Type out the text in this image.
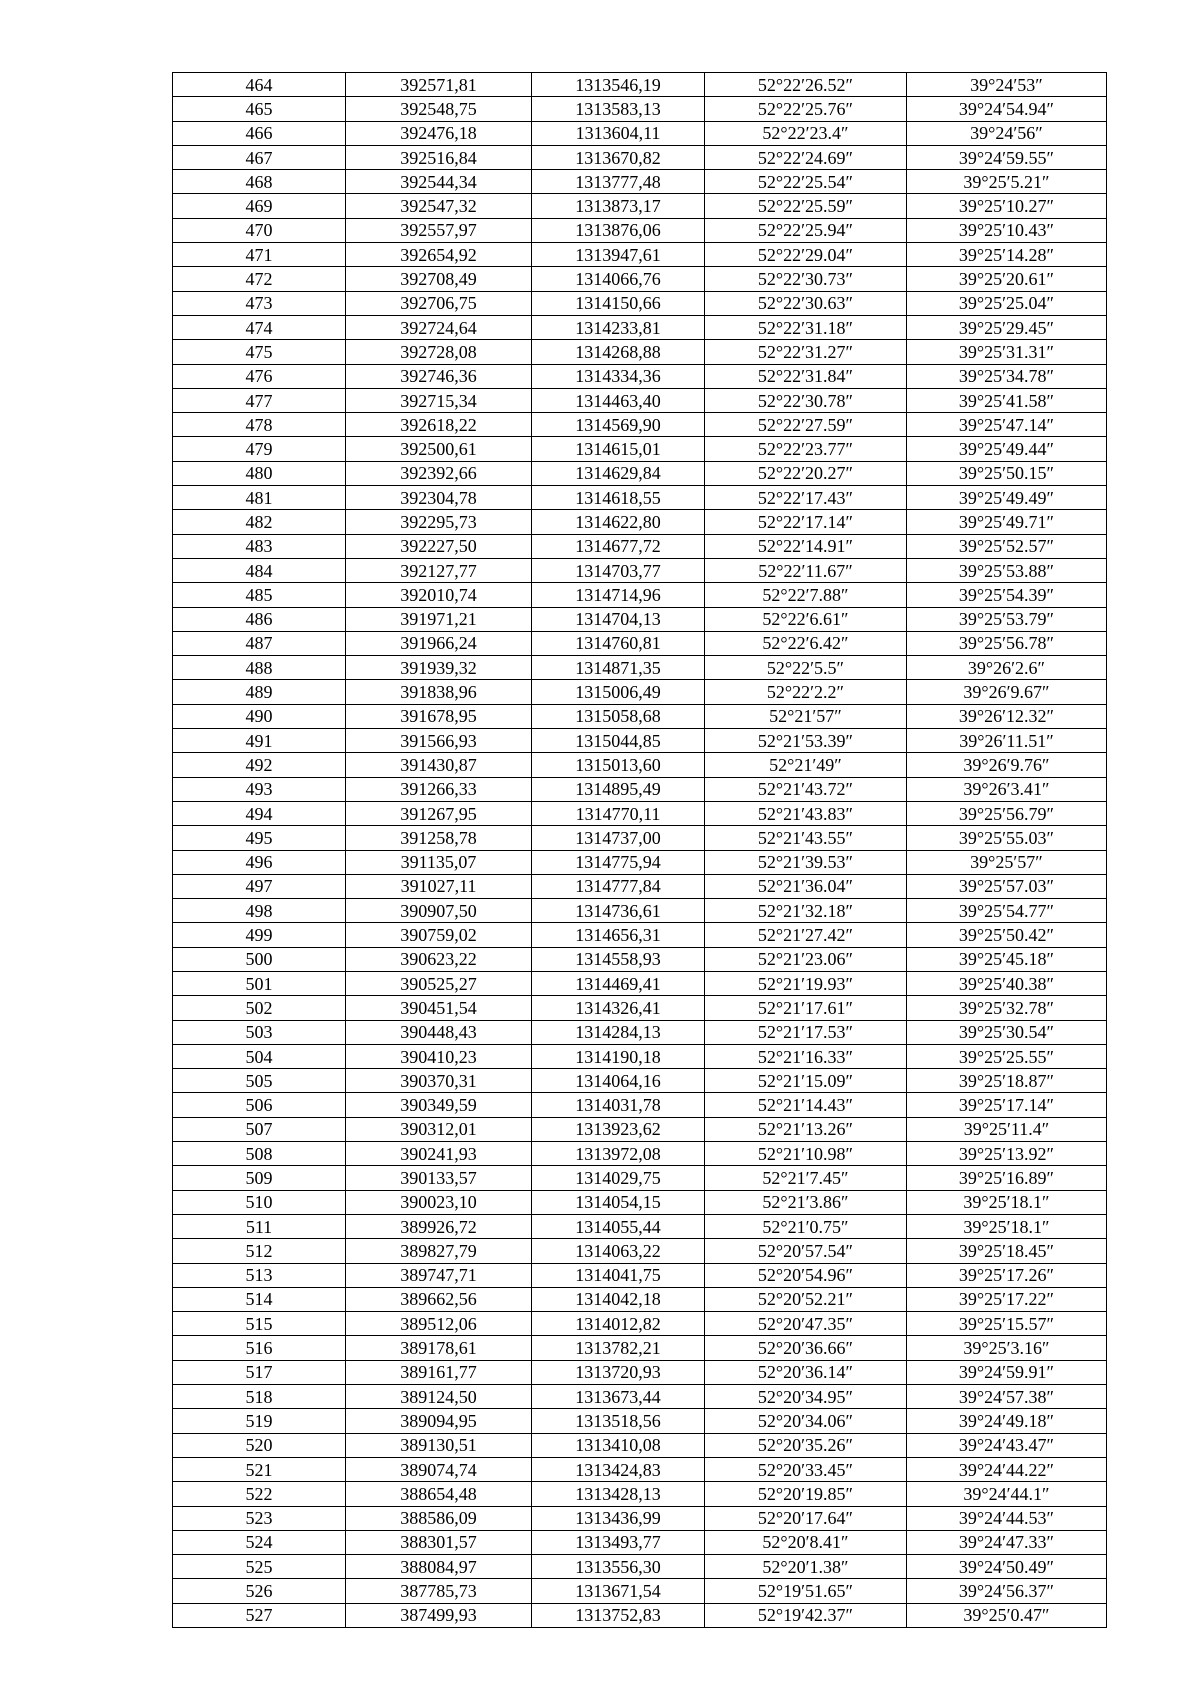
464	392571,81	1313546,19	52°22′26.52″	39°24′53″
465	392548,75	1313583,13	52°22′25.76″	39°24′54.94″
466	392476,18	1313604,11	52°22′23.4″	39°24′56″
467	392516,84	1313670,82	52°22′24.69″	39°24′59.55″
468	392544,34	1313777,48	52°22′25.54″	39°25′5.21″
469	392547,32	1313873,17	52°22′25.59″	39°25′10.27″
470	392557,97	1313876,06	52°22′25.94″	39°25′10.43″
471	392654,92	1313947,61	52°22′29.04″	39°25′14.28″
472	392708,49	1314066,76	52°22′30.73″	39°25′20.61″
473	392706,75	1314150,66	52°22′30.63″	39°25′25.04″
474	392724,64	1314233,81	52°22′31.18″	39°25′29.45″
475	392728,08	1314268,88	52°22′31.27″	39°25′31.31″
476	392746,36	1314334,36	52°22′31.84″	39°25′34.78″
477	392715,34	1314463,40	52°22′30.78″	39°25′41.58″
478	392618,22	1314569,90	52°22′27.59″	39°25′47.14″
479	392500,61	1314615,01	52°22′23.77″	39°25′49.44″
480	392392,66	1314629,84	52°22′20.27″	39°25′50.15″
481	392304,78	1314618,55	52°22′17.43″	39°25′49.49″
482	392295,73	1314622,80	52°22′17.14″	39°25′49.71″
483	392227,50	1314677,72	52°22′14.91″	39°25′52.57″
484	392127,77	1314703,77	52°22′11.67″	39°25′53.88″
485	392010,74	1314714,96	52°22′7.88″	39°25′54.39″
486	391971,21	1314704,13	52°22′6.61″	39°25′53.79″
487	391966,24	1314760,81	52°22′6.42″	39°25′56.78″
488	391939,32	1314871,35	52°22′5.5″	39°26′2.6″
489	391838,96	1315006,49	52°22′2.2″	39°26′9.67″
490	391678,95	1315058,68	52°21′57″	39°26′12.32″
491	391566,93	1315044,85	52°21′53.39″	39°26′11.51″
492	391430,87	1315013,60	52°21′49″	39°26′9.76″
493	391266,33	1314895,49	52°21′43.72″	39°26′3.41″
494	391267,95	1314770,11	52°21′43.83″	39°25′56.79″
495	391258,78	1314737,00	52°21′43.55″	39°25′55.03″
496	391135,07	1314775,94	52°21′39.53″	39°25′57″
497	391027,11	1314777,84	52°21′36.04″	39°25′57.03″
498	390907,50	1314736,61	52°21′32.18″	39°25′54.77″
499	390759,02	1314656,31	52°21′27.42″	39°25′50.42″
500	390623,22	1314558,93	52°21′23.06″	39°25′45.18″
501	390525,27	1314469,41	52°21′19.93″	39°25′40.38″
502	390451,54	1314326,41	52°21′17.61″	39°25′32.78″
503	390448,43	1314284,13	52°21′17.53″	39°25′30.54″
504	390410,23	1314190,18	52°21′16.33″	39°25′25.55″
505	390370,31	1314064,16	52°21′15.09″	39°25′18.87″
506	390349,59	1314031,78	52°21′14.43″	39°25′17.14″
507	390312,01	1313923,62	52°21′13.26″	39°25′11.4″
508	390241,93	1313972,08	52°21′10.98″	39°25′13.92″
509	390133,57	1314029,75	52°21′7.45″	39°25′16.89″
510	390023,10	1314054,15	52°21′3.86″	39°25′18.1″
511	389926,72	1314055,44	52°21′0.75″	39°25′18.1″
512	389827,79	1314063,22	52°20′57.54″	39°25′18.45″
513	389747,71	1314041,75	52°20′54.96″	39°25′17.26″
514	389662,56	1314042,18	52°20′52.21″	39°25′17.22″
515	389512,06	1314012,82	52°20′47.35″	39°25′15.57″
516	389178,61	1313782,21	52°20′36.66″	39°25′3.16″
517	389161,77	1313720,93	52°20′36.14″	39°24′59.91″
518	389124,50	1313673,44	52°20′34.95″	39°24′57.38″
519	389094,95	1313518,56	52°20′34.06″	39°24′49.18″
520	389130,51	1313410,08	52°20′35.26″	39°24′43.47″
521	389074,74	1313424,83	52°20′33.45″	39°24′44.22″
522	388654,48	1313428,13	52°20′19.85″	39°24′44.1″
523	388586,09	1313436,99	52°20′17.64″	39°24′44.53″
524	388301,57	1313493,77	52°20′8.41″	39°24′47.33″
525	388084,97	1313556,30	52°20′1.38″	39°24′50.49″
526	387785,73	1313671,54	52°19′51.65″	39°24′56.37″
527	387499,93	1313752,83	52°19′42.37″	39°25′0.47″
